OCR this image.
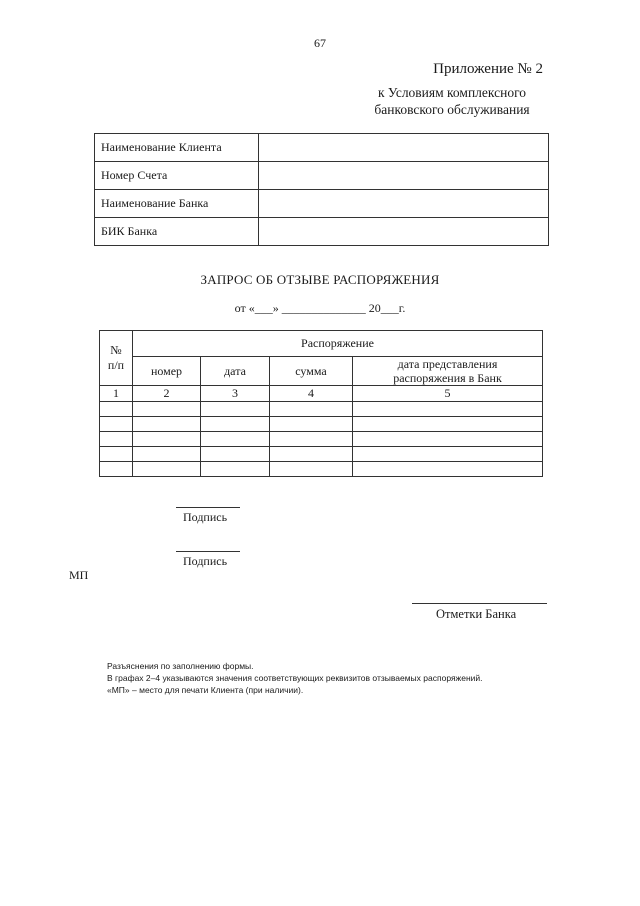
67
Приложение № 2
к Условиям комплексного
банковского обслуживания
Наименование Клиента	
Номер Счета	
Наименование Банка	
БИК Банка	
ЗАПРОС ОБ ОТЗЫВЕ РАСПОРЯЖЕНИЯ
от «___» ______________ 20___г.
№
п/п	Распоряжение			
	номер	дата	сумма	дата представления
распоряжения в Банк

1	2	3	4	5

Подпись
Подпись
МП
Отметки Банка
Разъяснения по заполнению формы.
В графах 2–4 указываются значения соответствующих реквизитов отзываемых распоряжений.
«МП» – место для печати Клиента (при наличии).
